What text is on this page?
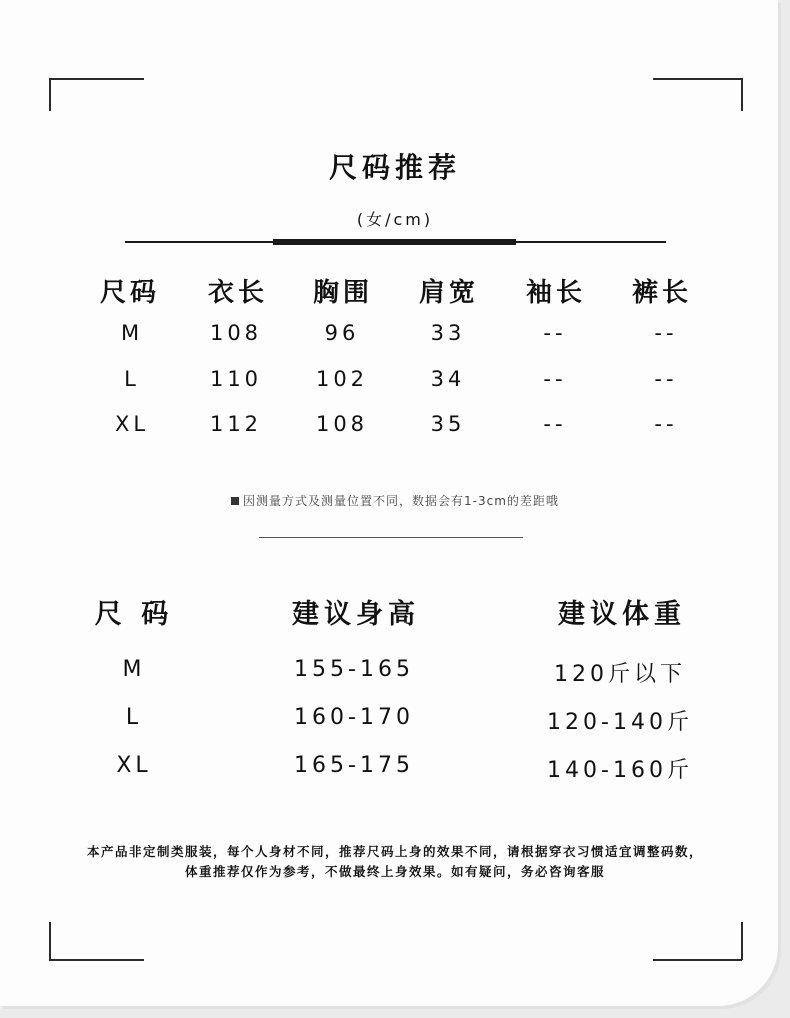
尺码推荐
(女/cm)
尺码 衣长 胸围 肩宽 袖长 裤长
M	108	96	33	--	--
L	110	102	34	--	--
XL	112	108	35	--	--
因测量方式及测量位置不同，数据会有1-3cm的差距哦
尺 码	建议身高	建议体重
M	155-165	120斤以下
L	160-170	120-140斤
XL	165-175	140-160斤
本产品非定制类服装，每个人身材不同，推荐尺码上身的效果不同，请根据穿衣习惯适宜调整码数，
体重推荐仅作为参考，不做最终上身效果。如有疑问，务必咨询客服
